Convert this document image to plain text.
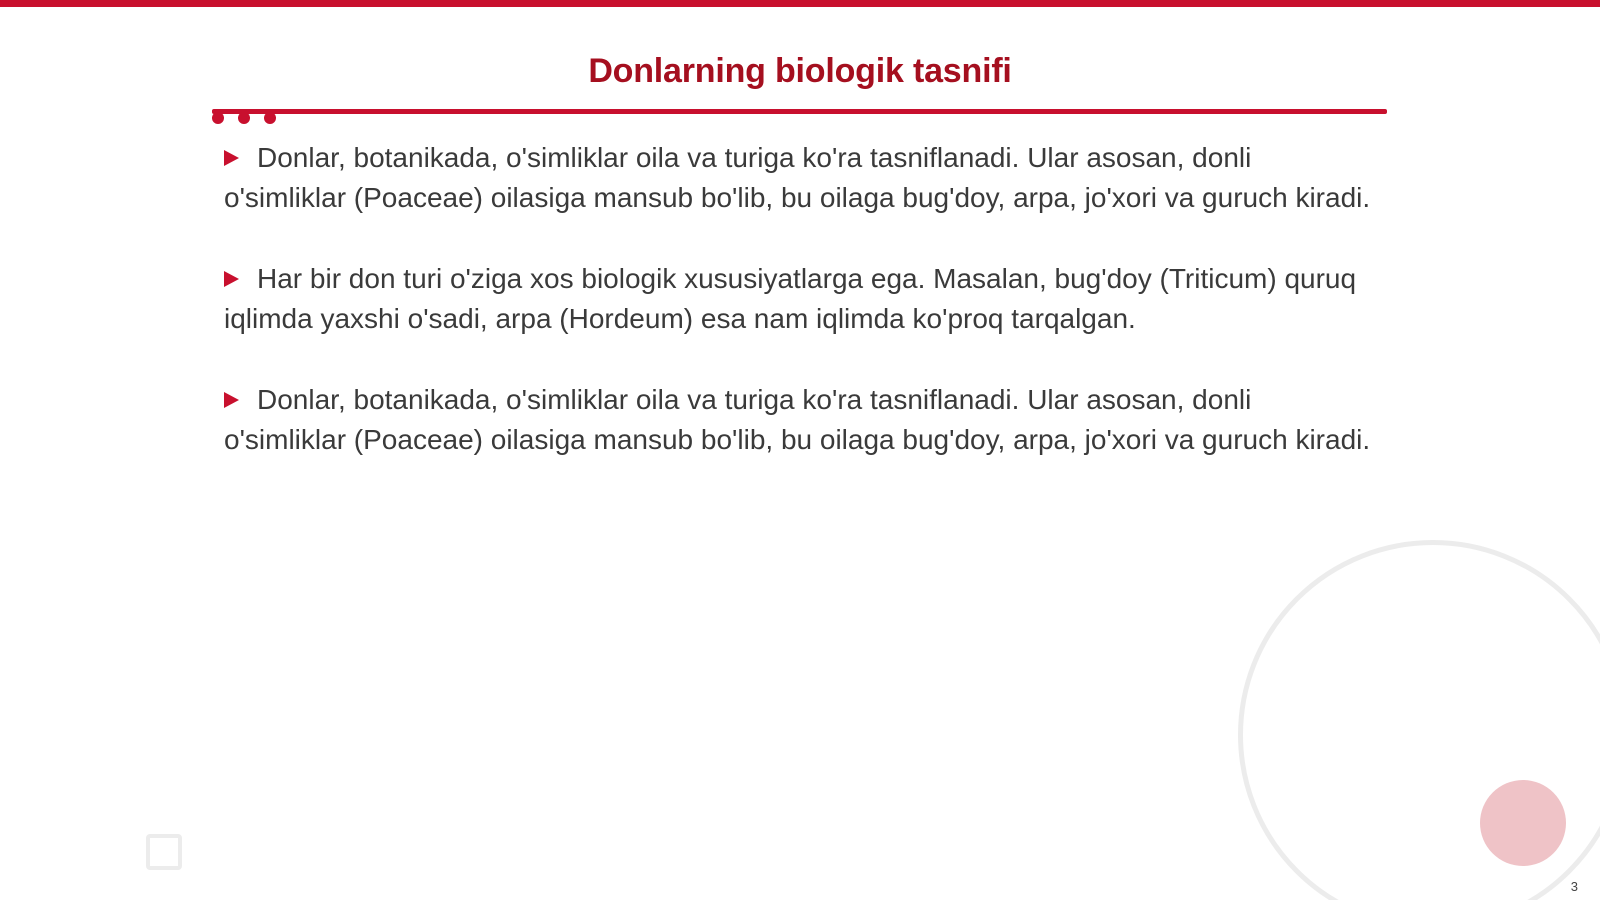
Donlarning biologik tasnifi

Donlar, botanikada, o'simliklar oila va turiga ko'ra tasniflanadi. Ular asosan, donli o'simliklar (Poaceae) oilasiga mansub bo'lib, bu oilaga bug'doy, arpa, jo'xori va guruch kiradi.

Har bir don turi o'ziga xos biologik xususiyatlarga ega. Masalan, bug'doy (Triticum) quruq iqlimda yaxshi o'sadi, arpa (Hordeum) esa nam iqlimda ko'proq tarqalgan.

Donlar, botanikada, o'simliklar oila va turiga ko'ra tasniflanadi. Ular asosan, donli o'simliklar (Poaceae) oilasiga mansub bo'lib, bu oilaga bug'doy, arpa, jo'xori va guruch kiradi.

3
